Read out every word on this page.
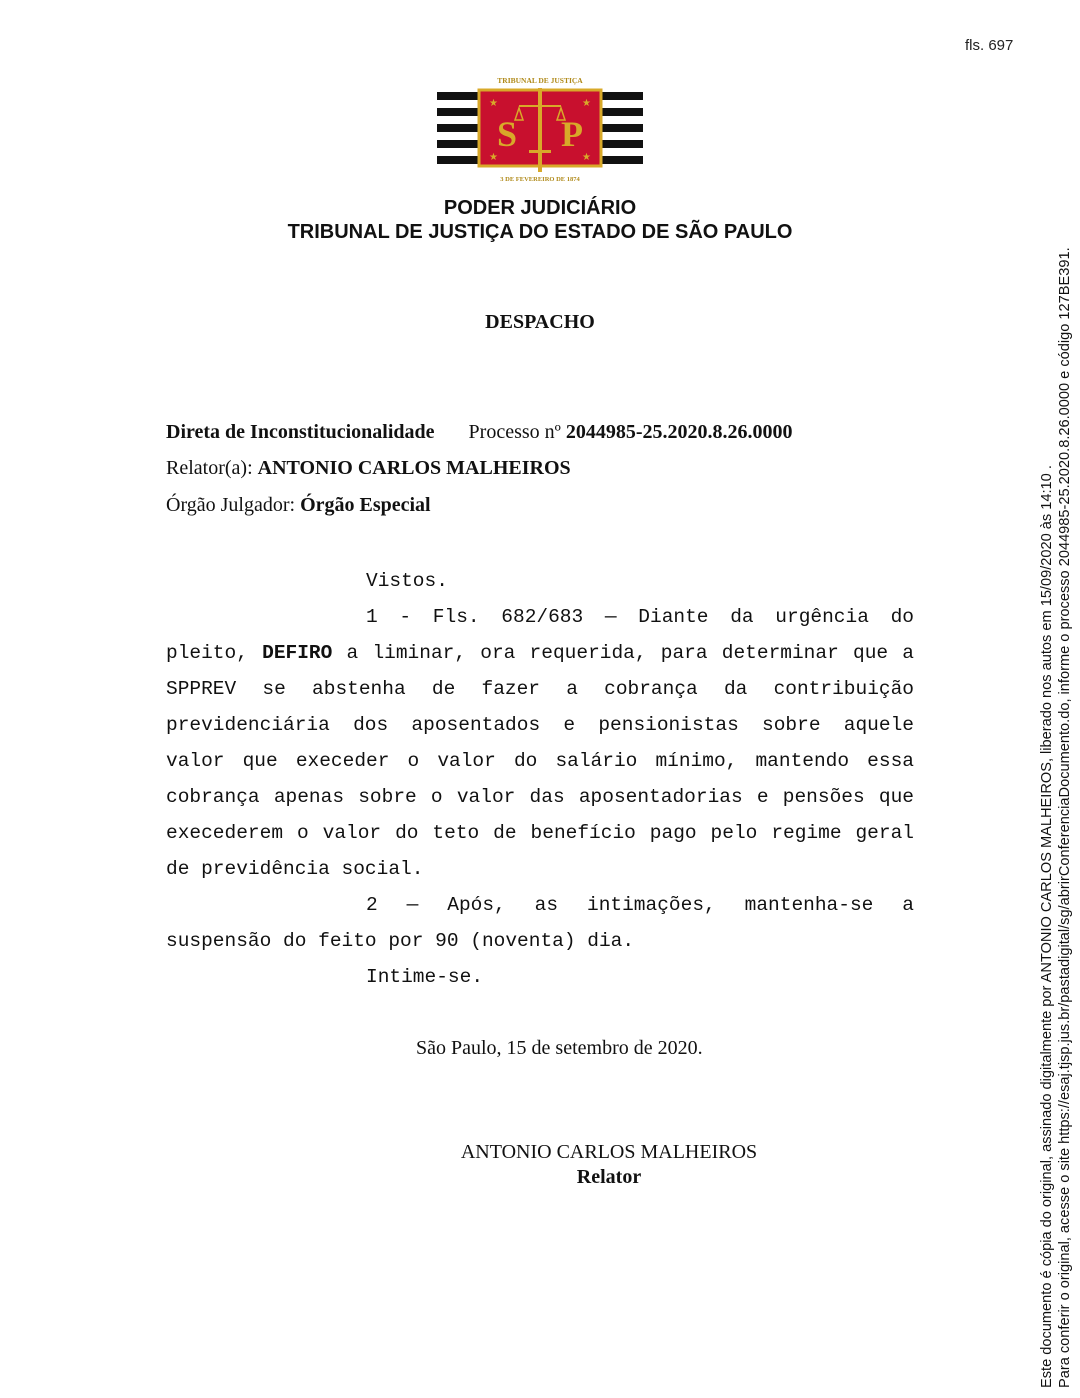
fls. 697
★	★
★	★
S P
TRIBUNAL DE JUSTIÇA
3 DE FEVEREIRO DE 1874
PODER JUDICIÁRIO
TRIBUNAL DE JUSTIÇA DO ESTADO DE SÃO PAULO
DESPACHO
Direta de Inconstitucionalidade Processo nº 2044985-25.2020.8.26.0000
Relator(a): ANTONIO CARLOS MALHEIROS
Órgão Julgador: Órgão Especial

Vistos.

1 - Fls. 682/683 — Diante da urgência do pleito, DEFIRO a liminar, ora requerida, para determinar que a SPPREV se abstenha de fazer a cobrança da contribuição previdenciária dos aposentados e pensionistas sobre aquele valor que execeder o valor do salário mínimo, mantendo essa cobrança apenas sobre o valor das aposentadorias e pensões que execederem o valor do teto de benefício pago pelo regime geral de previdência social.

2 — Após, as intimações, mantenha-se a suspensão do feito por 90 (noventa) dia.

Intime-se.

São Paulo, 15 de setembro de 2020.
ANTONIO CARLOS MALHEIROS
Relator	Este documento é cópia do original, assinado digitalmente por ANTONIO CARLOS MALHEIROS, liberado nos autos em 15/09/2020 às 14:10 . Para conferir o original, acesse o site https://esaj.tjsp.jus.br/pastadigital/sg/abrirConferenciaDocumento.do, informe o processo 2044985-25.2020.8.26.0000 e código 127BE391.
